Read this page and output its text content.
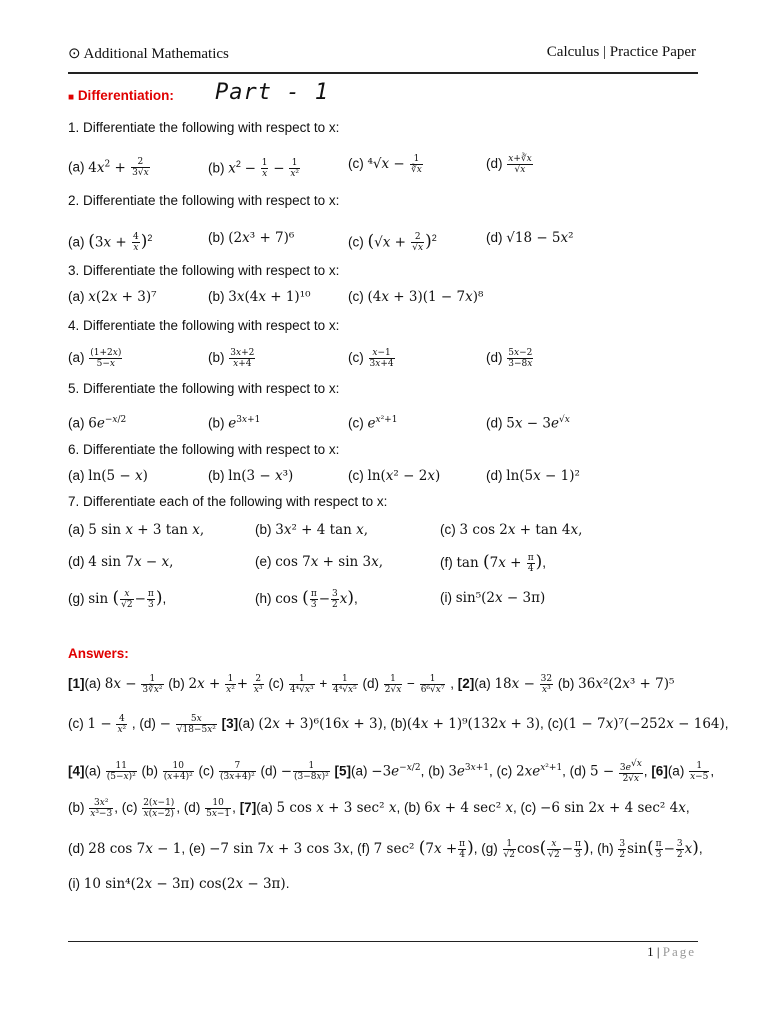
⊙ Additional Mathematics	Calculus | Practice Paper
■ Differentiation: Part - 1
1. Differentiate the following with respect to x:
(a) $4x^2 + \frac{2}{3√x}$	(b) $x^2 - \frac{1}{x} - \frac{1}{\text{x²}}$	(c) $^4√x - \frac{1}{∛x}$	$(d) \frac{x+∛x}{√x}$
2. Differentiate the following with respect to x:
(a) $(3x + \frac{4}{x} )^2$	(b) (2x³ + 7)⁶	(c) $(√x + \frac{2}{√x} )^2$	(d) √18 − 5x²
3. Differentiate the following with respect to x:
(a) x(2x + 3)⁷	(b) 3x(4x + 1)¹⁰	(c) (4x + 3)(1 − 7x)⁸
4. Differentiate the following with respect to x:
$(a) \frac{(1+2x)}{5-x}$	$(b) \frac{3x+2}{x+4}$	$(c) \frac{x-1}{3x+4}$	$(d) \frac{5x-2}{3-8x}$
5. Differentiate the following with respect to x:
(a) $6e^{-x/2}$	(b) $e^{3x+1}$	(c) $e^{x^2+1}$	(d) $5x - 3e^{√x}$
6. Differentiate the following with respect to x:
(a) ln(5 − x)	(b) ln(3 − x³)	(c) ln(x² − 2x)	(d) ln(5x − 1)²
7. Differentiate each of the following with respect to x:
(a) 5 sin x + 3 tan x,	(b) 3x² + 4 tan x,	(c) 3 cos 2x + tan 4x,
(d) 4 sin 7x − x,	(e) cos 7x + sin 3x,	(f) $\tan (7x + \frac{\pi}{4}$ ),
(g) sin ( $\frac{x}{√2} - \frac{\pi}{3}$ ),	(h) cos ( $\frac{\pi}{3} - \frac{3}{2} x$),	(i) sin⁵(2x − 3π)
Answers:
[1](a) $8x - \frac{1}{\text{3∛x²}} (b) 2x + \frac{1}{\text{x²}} + \frac{2}{\text{x³}} (c) \frac{1}{\text{4⁴√x³}} + \frac{1}{\text{4⁴√x⁵}} (d) \frac{1}{2√x} - \frac{1}{\text{6⁶√x⁷}}$ , [2](a) $18x - \frac{32}{\text{x³}} (b) 36x^2(2x^3 + 7)^5$
(c) $1 - \frac{4}{\text{x²}}$ , $(d) - \frac{5x}{\text{√18−5x²}} [3](a) (2x + 3)^6(16x + 3)$, (b)(4x + 1)⁹(132x + 3), (c)(1 − 7x)⁷(−252x − 164),
$[4](a) \frac{11}{\text{(5−x)²}} (b) \frac{10}{\text{(x+4)²}} (c) \frac{7}{\text{(3x+4)²}} (d) - \frac{1}{\text{(3−8x)²}} [5](a) -3e^{-x/2}$, (b) $3e^{3x+1}$, (c) $2xe^{x^2+1}$, (d) $5 - \frac{3e^{√x}}{2√x}$ , $[6](a) \frac{1}{x-5}$ ,
$(b) \frac{\text{3x²}}{\text{x³−3}}$ , $(c) \frac{2(x-1)}{x(x-2)}$ , $(d) \frac{10}{5x-1}$ , [7](a) 5 cos x + 3 sec² x, (b) 6x + 4 sec² x, (c) −6 sin 2x + 4 sec² 4x,
(d) 28 cos 7x − 1, (e) −7 sin 7x + 3 cos 3x, (f) 7 sec² ($7x + \frac{\pi}{4}$ ), $(g) \frac{1}{√2} \cos( \frac{x}{√2} - \frac{\pi}{3}$ ), $(h) \frac{3}{2} \sin( \frac{\pi}{3} - \frac{3}{2} x)$,
(i) 10 sin⁴(2x − 3π) cos(2x − 3π).
1 | Page
